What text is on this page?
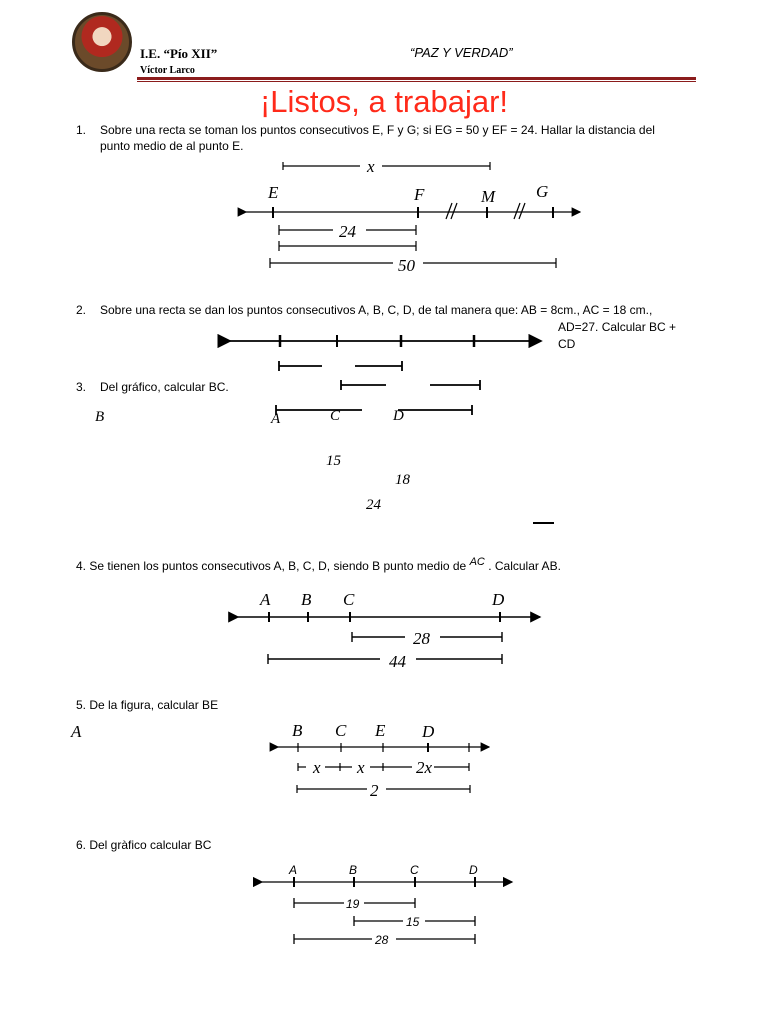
I.E. “Pío XII”
Víctor Larco
“PAZ Y VERDAD”
¡Listos, a trabajar!
1. Sobre una recta se toman los puntos consecutivos E, F y G; si EG = 50 y EF = 24. Hallar la distancia del
punto medio de al punto E.
2. Sobre una recta se dan los puntos consecutivos A, B, C, D, de tal manera que: AB = 8cm., AC = 18 cm.,
AD=27. Calcular BC +
CD
3. Del gráfico, calcular BC.
4. Se tienen los puntos consecutivos A, B, C, D, siendo B punto medio de $^{AC}$ . Calcular AB.
5. De la figura, calcular BE
6. Del gràfico calcular BC
x
E	F	M G
24
50
B	A	C	D
15
18
24
A B C	D
28
44
A	B C E D
x x	2x
2
A	B	C	D
19
15
28
